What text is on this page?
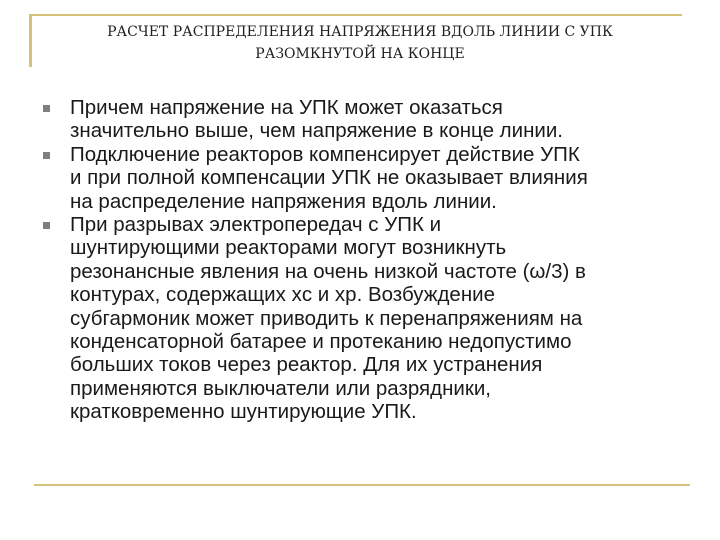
РАСЧЕТ РАСПРЕДЕЛЕНИЯ НАПРЯЖЕНИЯ ВДОЛЬ ЛИНИИ С УПК
РАЗОМКНУТОЙ НА КОНЦЕ
Причем напряжение на УПК может оказаться
значительно выше, чем напряжение в конце линии.
Подключение реакторов компенсирует действие УПК
и при полной компенсации УПК не оказывает влияния
на распределение напряжения вдоль линии.
При разрывах электропередач с УПК и
шунтирующими реакторами могут возникнуть
резонансные явления на очень низкой частоте (ω/3) в
контурах, содержащих xc и xp. Возбуждение
субгармоник может приводить к перенапряжениям на
конденсаторной батарее и протеканию недопустимо
больших токов через реактор. Для их устранения
применяются выключатели или разрядники,
кратковременно шунтирующие УПК.
